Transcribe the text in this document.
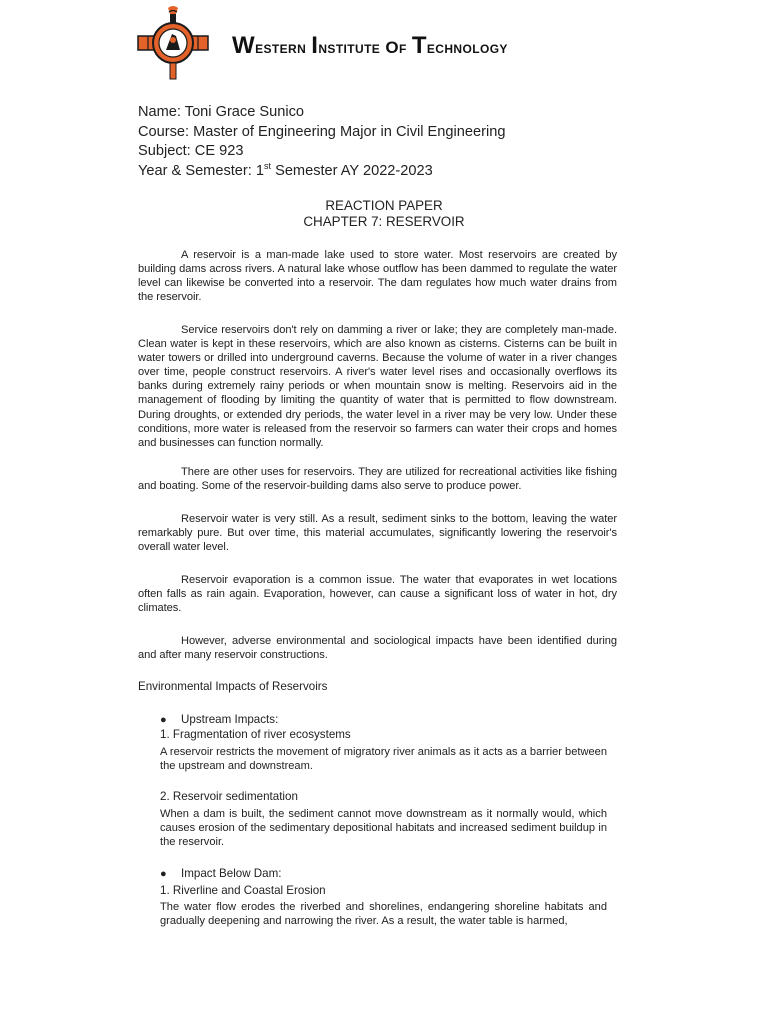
Western Institute of Technology
Name: Toni Grace Sunico
Course: Master of Engineering Major in Civil Engineering
Subject: CE 923
Year & Semester: 1st Semester AY 2022-2023
REACTION PAPER
CHAPTER 7: RESERVOIR
A reservoir is a man-made lake used to store water. Most reservoirs are created by building dams across rivers. A natural lake whose outflow has been dammed to regulate the water level can likewise be converted into a reservoir. The dam regulates how much water drains from the reservoir.
Service reservoirs don't rely on damming a river or lake; they are completely man-made. Clean water is kept in these reservoirs, which are also known as cisterns. Cisterns can be built in water towers or drilled into underground caverns. Because the volume of water in a river changes over time, people construct reservoirs. A river's water level rises and occasionally overflows its banks during extremely rainy periods or when mountain snow is melting. Reservoirs aid in the management of flooding by limiting the quantity of water that is permitted to flow downstream. During droughts, or extended dry periods, the water level in a river may be very low. Under these conditions, more water is released from the reservoir so farmers can water their crops and homes and businesses can function normally.
There are other uses for reservoirs. They are utilized for recreational activities like fishing and boating. Some of the reservoir-building dams also serve to produce power.
Reservoir water is very still. As a result, sediment sinks to the bottom, leaving the water remarkably pure. But over time, this material accumulates, significantly lowering the reservoir's overall water level.
Reservoir evaporation is a common issue. The water that evaporates in wet locations often falls as rain again. Evaporation, however, can cause a significant loss of water in hot, dry climates.
However, adverse environmental and sociological impacts have been identified during and after many reservoir constructions.
Environmental Impacts of Reservoirs
● Upstream Impacts:
1. Fragmentation of river ecosystems
A reservoir restricts the movement of migratory river animals as it acts as a barrier between the upstream and downstream.
2. Reservoir sedimentation
When a dam is built, the sediment cannot move downstream as it normally would, which causes erosion of the sedimentary depositional habitats and increased sediment buildup in the reservoir.
● Impact Below Dam:
1. Riverline and Coastal Erosion
The water flow erodes the riverbed and shorelines, endangering shoreline habitats and gradually deepening and narrowing the river. As a result, the water table is harmed,
